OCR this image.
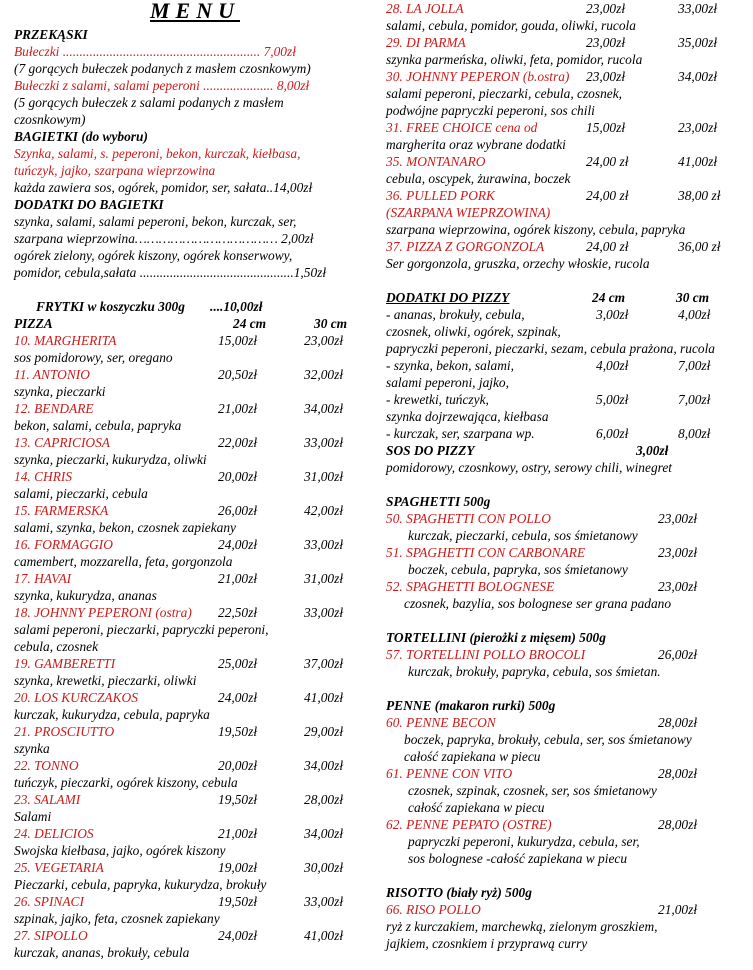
MENU
PRZEKĄSKI
Bułeczki ........................................................... 7,00zł
(7 gorących bułeczek podanych z masłem czosnkowym)
Bułeczki z salami, salami peperoni ..................... 8,00zł
(5 gorących bułeczek z salami podanych z masłem
czosnkowym)
BAGIETKI (do wyboru)
Szynka, salami, s. peperoni, bekon, kurczak, kiełbasa,
tuńczyk, jajko, szarpana wieprzowina
każda zawiera sos, ogórek, pomidor, ser, sałata..14,00zł
DODATKI DO BAGIETKI
szynka, salami, salami peperoni, bekon, kurczak, ser,
szarpana wieprzowina……………………………… 2,00zł
ogórek zielony, ogórek kiszony, ogórek konserwowy,
pomidor, cebula,sałata ..............................................1,50zł
FRYTKI w koszyczku 300g ....10,00zł
PIZZA	24 cm	30 cm
10. MARGHERITA	15,00zł	23,00zł
sos pomidorowy, ser, oregano
11. ANTONIO	20,50zł	32,00zł
szynka, pieczarki
12. BENDARE	21,00zł	34,00zł
bekon, salami, cebula, papryka
13. CAPRICIOSA	22,00zł	33,00zł
szynka, pieczarki, kukurydza, oliwki
14. CHRIS	20,00zł	31,00zł
salami, pieczarki, cebula
15. FARMERSKA	26,00zł	42,00zł
salami, szynka, bekon, czosnek zapiekany
16. FORMAGGIO	24,00zł	33,00zł
camembert, mozzarella, feta, gorgonzola
17. HAVAI	21,00zł	31,00zł
szynka, kukurydza, ananas
18. JOHNNY PEPERONI (ostra) 22,50zł	33,00zł
salami peperoni, pieczarki, papryczki peperoni,
cebula, czosnek
19. GAMBERETTI	25,00zł	37,00zł
szynka, krewetki, pieczarki, oliwki
20. LOS KURCZAKOS	24,00zł	41,00zł
kurczak, kukurydza, cebula, papryka
21. PROSCIUTTO	19,50zł	29,00zł
szynka
22. TONNO	20,00zł	34,00zł
tuńczyk, pieczarki, ogórek kiszony, cebula
23. SALAMI	19,50zł	28,00zł
Salami
24. DELICIOS	21,00zł	34,00zł
Swojska kiełbasa, jajko, ogórek kiszony
25. VEGETARIA	19,00zł	30,00zł
Pieczarki, cebula, papryka, kukurydza, brokuły
26. SPINACI	19,50zł	33,00zł
szpinak, jajko, feta, czosnek zapiekany
27. SIPOLLO	24,00zł	41,00zł
kurczak, ananas, brokuły, cebula
28. LA JOLLA	23,00zł	33,00zł
salami, cebula, pomidor, gouda, oliwki, rucola
29. DI PARMA	23,00zł	35,00zł
szynka parmeńska, oliwki, feta, pomidor, rucola
30. JOHNNY PEPERON (b.ostra) 23,00zł	34,00zł
salami peperoni, pieczarki, cebula, czosnek,
podwójne papryczki peperoni, sos chili
31. FREE CHOICE cena od	15,00zł	23,00zł
margherita oraz wybrane dodatki
35. MONTANARO	24,00 zł	41,00zł
cebula, oscypek, żurawina, boczek
36. PULLED PORK	24,00 zł	38,00 zł
(SZARPANA WIEPRZOWINA)
szarpana wieprzowina, ogórek kiszony, cebula, papryka
37. PIZZA Z GORGONZOLA	24,00 zł	36,00 zł
Ser gorgonzola, gruszka, orzechy włoskie, rucola
DODATKI DO PIZZY	24 cm	30 cm
- ananas, brokuły, cebula,	3,00zł	4,00zł
czosnek, oliwki, ogórek, szpinak,
papryczki peperoni, pieczarki, sezam, cebula prażona, rucola
- szynka, bekon, salami,	4,00zł	7,00zł
salami peperoni, jajko,
- krewetki, tuńczyk,	5,00zł	7,00zł
szynka dojrzewająca, kiełbasa
- kurczak, ser, szarpana wp.	6,00zł	8,00zł
SOS DO PIZZY	3,00zł
pomidorowy, czosnkowy, ostry, serowy chili, winegret
SPAGHETTI 500g
50. SPAGHETTI CON POLLO	23,00zł
kurczak, pieczarki, cebula, sos śmietanowy
51. SPAGHETTI CON CARBONARE	23,00zł
boczek, cebula, papryka, sos śmietanowy
52. SPAGHETTI BOLOGNESE	23,00zł
czosnek, bazylia, sos bolognese ser grana padano
TORTELLINI (pierożki z mięsem) 500g
57. TORTELLINI POLLO BROCOLI	26,00zł
kurczak, brokuły, papryka, cebula, sos śmietan.
PENNE (makaron rurki) 500g
60. PENNE BECON	28,00zł
boczek, papryka, brokuły, cebula, ser, sos śmietanowy
całość zapiekana w piecu
61. PENNE CON VITO	28,00zł
czosnek, szpinak, czosnek, ser, sos śmietanowy
całość zapiekana w piecu
62. PENNE PEPATO (OSTRE)	28,00zł
papryczki peperoni, kukurydza, cebula, ser,
sos bolognese -całość zapiekana w piecu
RISOTTO (biały ryż) 500g
66. RISO POLLO	21,00zł
ryż z kurczakiem, marchewką, zielonym groszkiem,
jajkiem, czosnkiem i przyprawą curry
